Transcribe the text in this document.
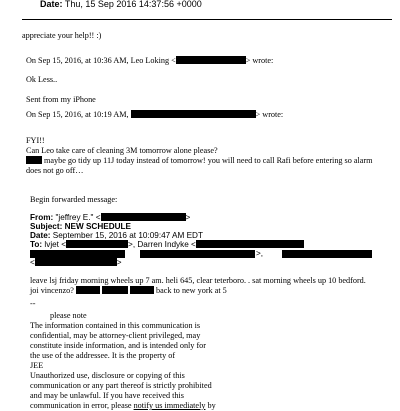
Date: Thu, 15 Sep 2016 14:37:56 +0000
appreciate your help!! :)
On Sep 15, 2016, at 10:36 AM, Leo Loking <	> wrote:
Ok Less..
Sent from my iPhone
On Sep 15, 2016, at 10:19 AM,	> wrote:
FYI!!
Can Leo take care of cleaning 3M tomorrow alone please?
maybe go tidy up 11J today instead of tomorrow! you will need to call Rafi before entering so alarm
does not go off…
Begin forwarded message:
From: "jeffrey E." <	>
Subject: NEW SCHEDULE
Date: September 15, 2016 at 10:09:47 AM EDT
To: lvjet <	>, Darren Indyke <
>,
<	>
leave lsj friday morning wheels up 7 am. heli 645, clear teterboro. . sat morning wheels up 10 bedford.
joi vincenzo?	back to new york at 5
--
please note
The information contained in this communication is
confidential, may be attorney-client privileged, may
constitute inside information, and is intended only for
the use of the addressee. It is the property of
JEE
Unauthorized use, disclosure or copying of this
communication or any part thereof is strictly prohibited
and may be unlawful. If you have received this
communication in error, please notify us immediately by
